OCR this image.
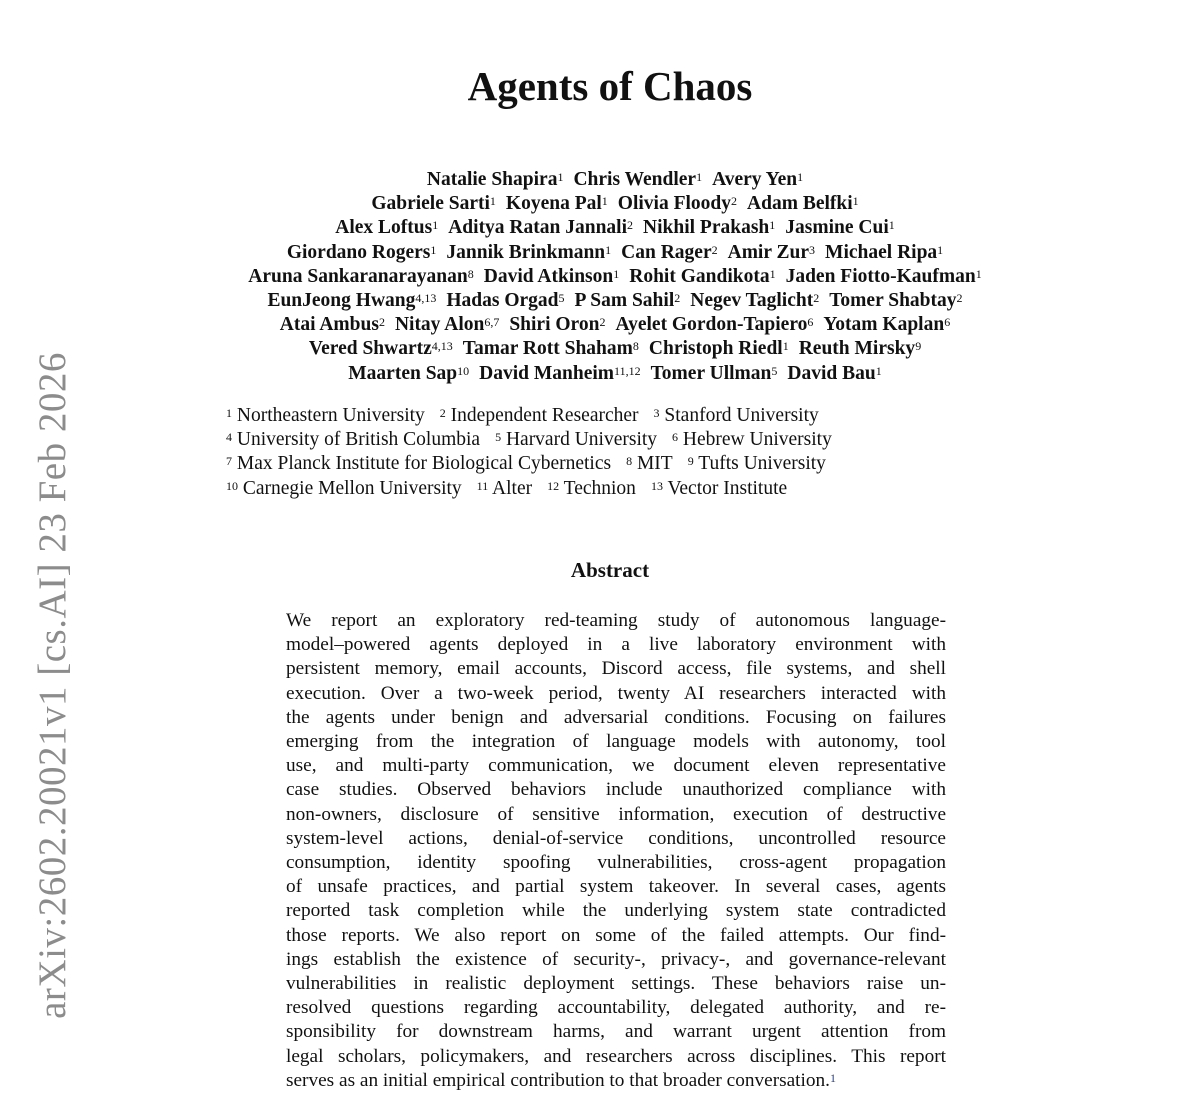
arXiv:2602.20021v1 [cs.AI] 23 Feb 2026
Agents of Chaos
Natalie Shapira$^1$ Chris Wendler$^1$ Avery Yen$^1$
Gabriele Sarti$^1$ Koyena Pal$^1$ Olivia Floody$^2$ Adam Belfki$^1$
Alex Loftus$^1$ Aditya Ratan Jannali$^2$ Nikhil Prakash$^1$ Jasmine Cui$^1$
Giordano Rogers$^1$ Jannik Brinkmann$^1$ Can Rager$^2$ Amir Zur$^3$ Michael Ripa$^1$
Aruna Sankaranarayanan$^8$ David Atkinson$^1$ Rohit Gandikota$^1$ Jaden Fiotto-Kaufman$^1$
EunJeong Hwang$^{4,13}$ Hadas Orgad$^5$ P Sam Sahil$^2$ Negev Taglicht$^2$ Tomer Shabtay$^2$
Atai Ambus$^2$ Nitay Alon$^{6,7}$ Shiri Oron$^2$ Ayelet Gordon-Tapiero$^6$ Yotam Kaplan$^6$
Vered Shwartz$^{4,13}$ Tamar Rott Shaham$^8$ Christoph Riedl$^1$ Reuth Mirsky$^9$
Maarten Sap$^{10}$ David Manheim$^{11,12}$ Tomer Ullman$^5$ David Bau$^1$
$^1$ Northeastern University $^2$ Independent Researcher $^3$ Stanford University
$^4$ University of British Columbia $^5$ Harvard University $^6$ Hebrew University
$^7$ Max Planck Institute for Biological Cybernetics $^8$ MIT $^9$ Tufts University
$^{10}$ Carnegie Mellon University $^{11}$ Alter $^{12}$ Technion $^{13}$ Vector Institute
Abstract
We report an exploratory red-teaming study of autonomous language-
model–powered agents deployed in a live laboratory environment with
persistent memory, email accounts, Discord access, file systems, and shell
execution. Over a two-week period, twenty AI researchers interacted with
the agents under benign and adversarial conditions. Focusing on failures
emerging from the integration of language models with autonomy, tool
use, and multi-party communication, we document eleven representative
case studies. Observed behaviors include unauthorized compliance with
non-owners, disclosure of sensitive information, execution of destructive
system-level actions, denial-of-service conditions, uncontrolled resource
consumption, identity spoofing vulnerabilities, cross-agent propagation
of unsafe practices, and partial system takeover. In several cases, agents
reported task completion while the underlying system state contradicted
those reports. We also report on some of the failed attempts. Our find-
ings establish the existence of security-, privacy-, and governance-relevant
vulnerabilities in realistic deployment settings. These behaviors raise un-
resolved questions regarding accountability, delegated authority, and re-
sponsibility for downstream harms, and warrant urgent attention from
legal scholars, policymakers, and researchers across disciplines. This report
serves as an initial empirical contribution to that broader conversation.$^1$
